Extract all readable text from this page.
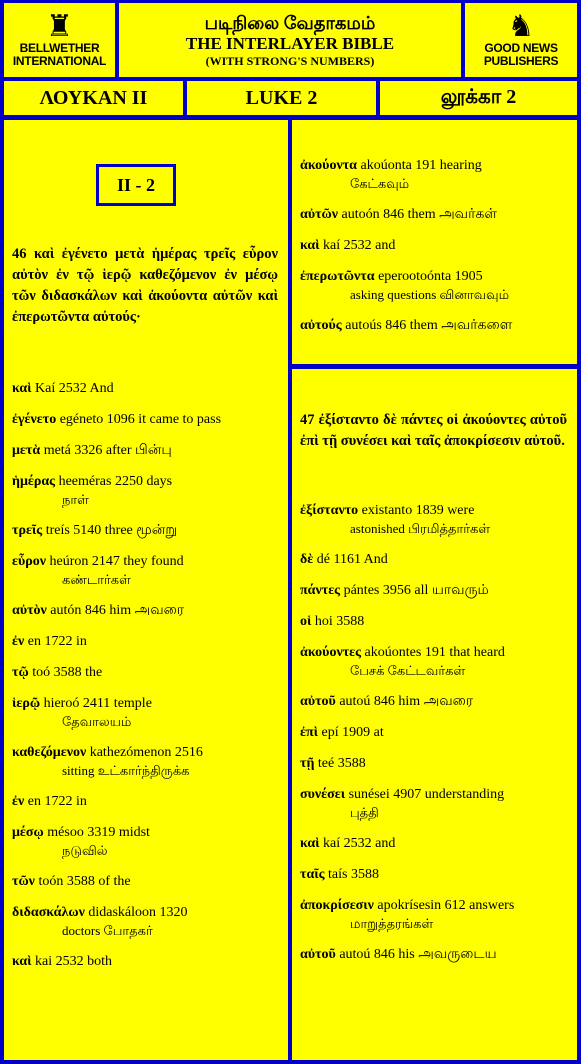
♜
BELLWETHER
INTERNATIONAL
படிநிலை வேதாகமம்
THE INTERLAYER BIBLE
(WITH STRONG'S NUMBERS)
♞
GOOD NEWS
PUBLISHERS
ΛΟΥΚΑΝ ΙΙ	LUKE 2	லூக்கா 2
II - 2
46 καὶ ἐγένετο μετὰ ἡμέρας τρεῖς εὗρον αὐτὸν ἐν τῷ ἱερῷ καθεζόμενον ἐν μέσῳ τῶν διδασκάλων καὶ ἀκούοντα αὐτῶν καὶ ἐπερωτῶντα αὐτούς·
47 ἐξίσταντο δὲ πάντες οἱ ἀκούοντες αὐτοῦ ἐπὶ τῇ συνέσει καὶ ταῖς ἀποκρίσεσιν αὐτοῦ.
καὶ Kaí 2532 And
ἐγένετο egéneto 1096 it came to pass
μετὰ metá 3326 after பின்பு
ἡμέρας heeméras 2250 days
நாள்
τρεῖς treís 5140 three மூன்று
εὗρον heúron 2147 they found
கண்டார்கள்
αὐτὸν autón 846 him அவரை
ἐν en 1722 in
τῷ toó 3588 the
ἱερῷ hieroó 2411 temple
தேவாலயம்
καθεζόμενον kathezómenon 2516
sitting உட்கார்ந்திருக்க
ἐν en 1722 in
μέσῳ mésoo 3319 midst
நடுவில்
τῶν toón 3588 of the
διδασκάλων didaskáloon 1320
doctors போதகர்
καὶ kai 2532 both
ἀκούοντα akoúonta 191 hearing
கேட்கவும்
αὐτῶν autoón 846 them அவர்கள்
καὶ kaí 2532 and
ἐπερωτῶντα eperootoónta 1905
asking questions வினாவவும்
αὐτούς autoús 846 them அவர்களை
ἐξίσταντο existanto 1839 were
astonished பிரமித்தார்கள்
δὲ dé 1161 And
πάντες pántes 3956 all யாவரும்
οἱ hoi 3588
ἀκούοντες akoúontes 191 that heard
பேசக் கேட்டவர்கள்
αὐτοῦ autoú 846 him அவரை
ἐπὶ epí 1909 at
τῇ teé 3588
συνέσει sunései 4907 understanding
புத்தி
καὶ kaí 2532 and
ταῖς taís 3588
ἀποκρίσεσιν apokrísesin 612 answers
மாறுத்தரங்கள்
αὐτοῦ autoú 846 his அவருடைய
